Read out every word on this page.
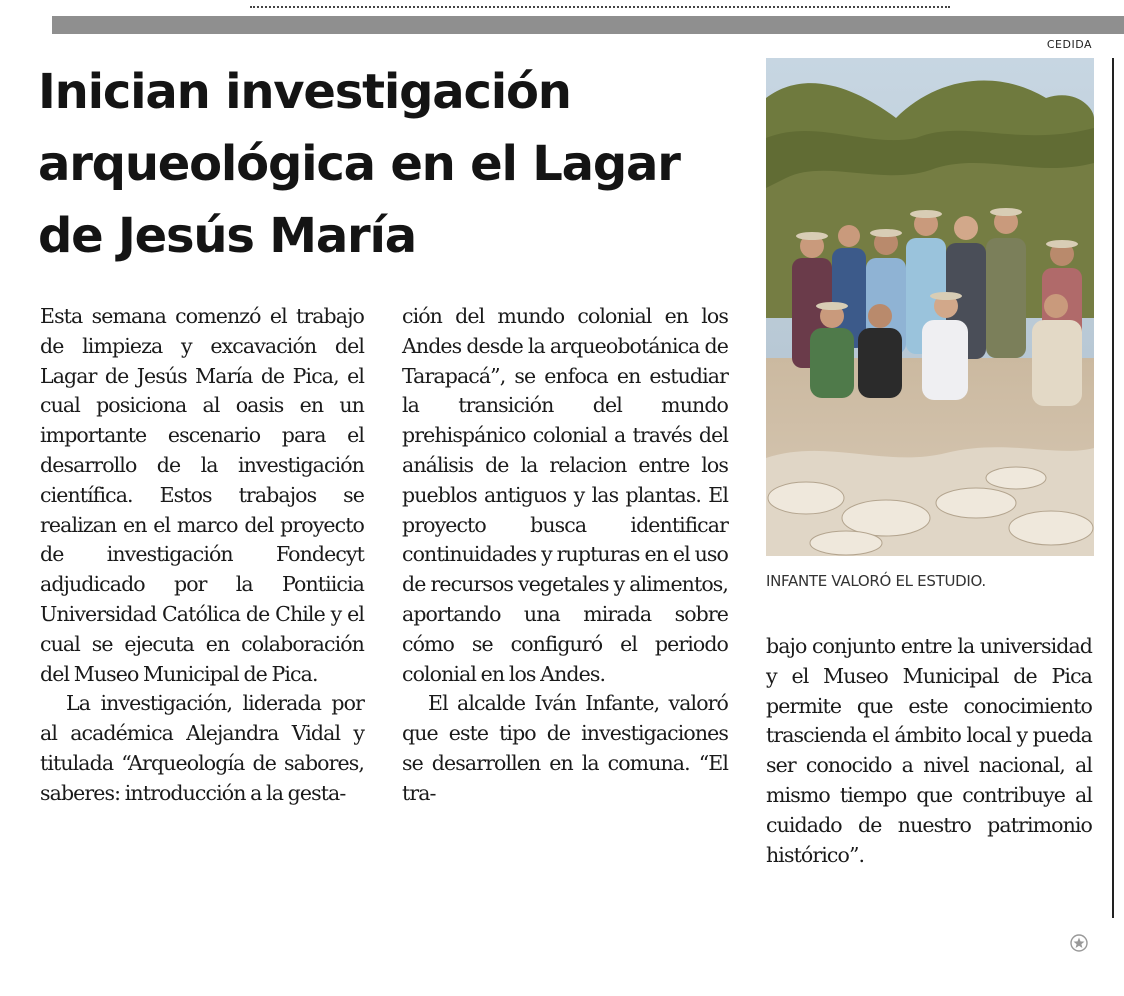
CEDIDA
Inician investigación
arqueológica en el Lagar
de Jesús María

Esta semana comenzó el trabajo de limpieza y excavación del Lagar de Jesús María de Pica, el cual posiciona al oasis en un importante escenario para el desarrollo de la investigación científica. Estos trabajos se realizan en el marco del proyecto de investigación Fondecyt adjudicado por la Pontiicia Universidad Católica de Chile y el cual se ejecuta en colaboración del Museo Municipal de Pica.

La investigación, liderada por al académica Alejandra Vidal y titulada “Arqueología de sabores, saberes: introducción a la gesta-

ción del mundo colonial en los Andes desde la arqueobotánica de Tarapacá”, se enfoca en estudiar la transición del mundo prehispánico colonial a través del análisis de la relacion entre los pueblos antiguos y las plantas. El proyecto busca identificar continuidades y rupturas en el uso de recursos vegetales y alimentos, aportando una mirada sobre cómo se configuró el periodo colonial en los Andes.

El alcalde Iván Infante, valoró que este tipo de investigaciones se desarrollen en la comuna. “El tra-

INFANTE VALORÓ EL ESTUDIO.

bajo conjunto entre la universidad y el Museo Municipal de Pica permite que este conocimiento trascienda el ámbito local y pueda ser conocido a nivel nacional, al mismo tiempo que contribuye al cuidado de nuestro patrimonio histórico”.
